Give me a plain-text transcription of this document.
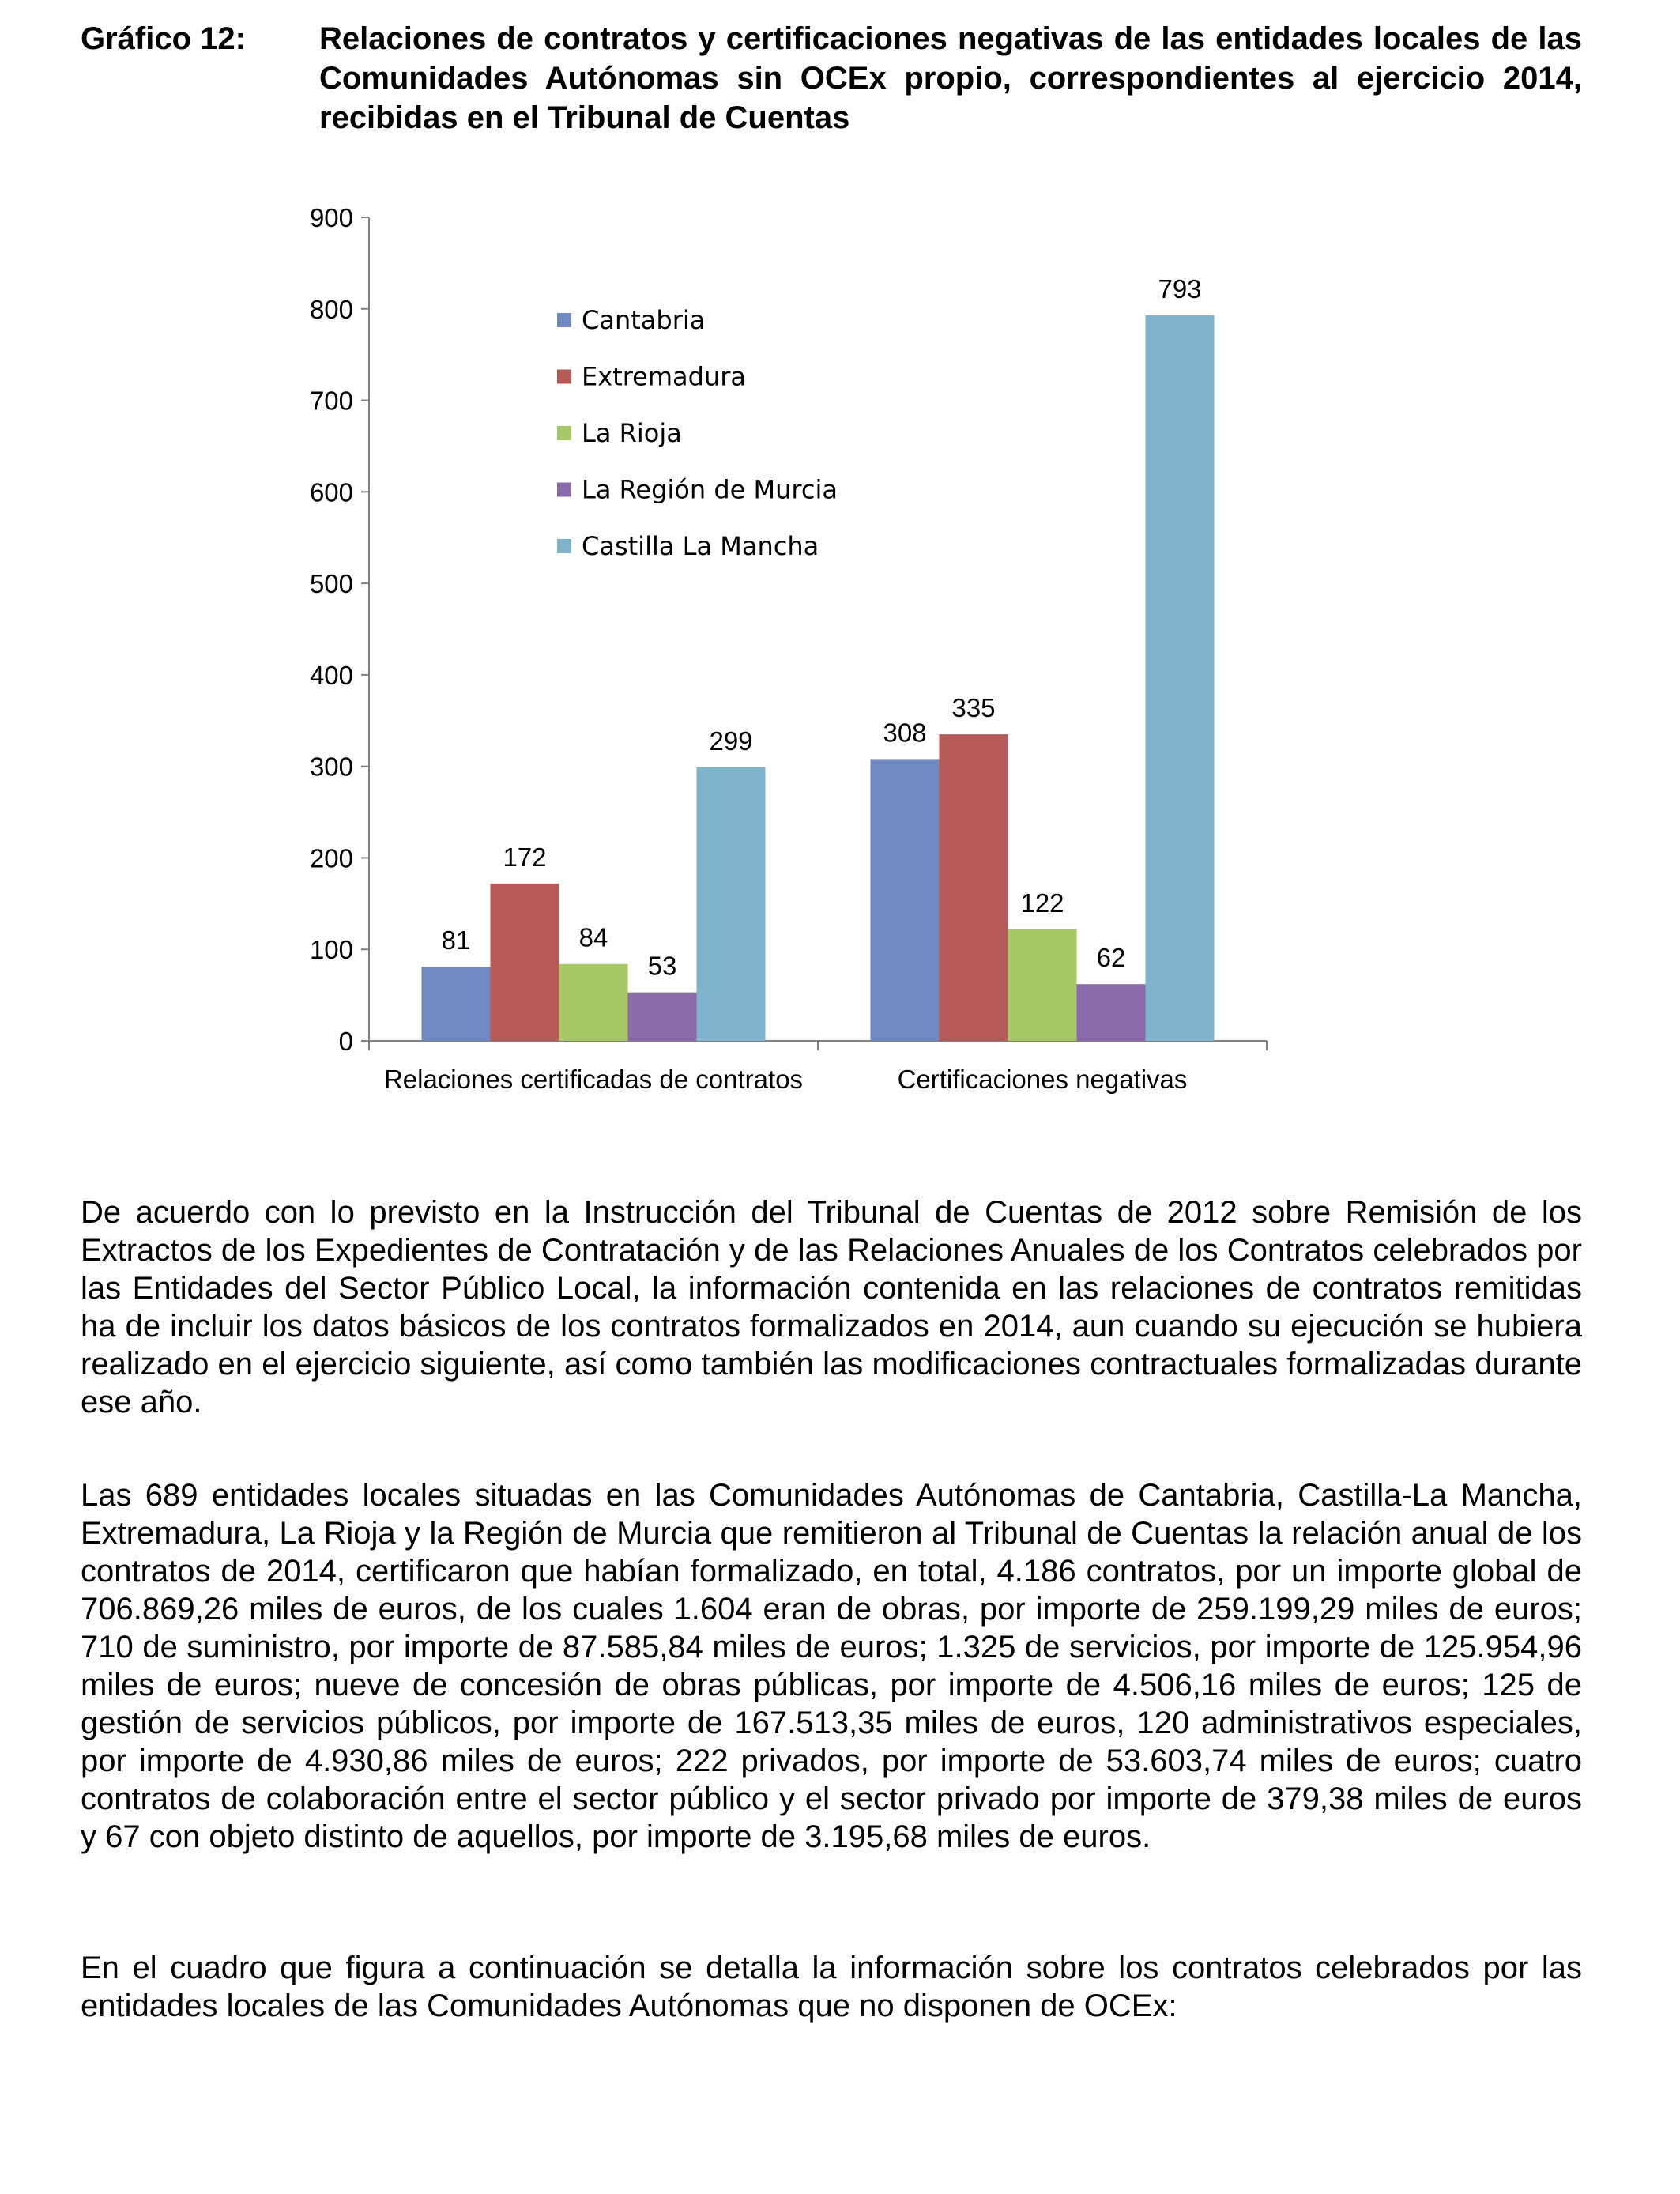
Gráfico 12:	Relaciones de contratos y certificaciones negativas de las entidades locales de las Comunidades Autónomas sin OCEx propio, correspondientes al ejercicio 2014, recibidas en el Tribunal de Cuentas
0
100
200
300
400
500
600
700
800
900
81
172
84
53
299
Relaciones certificadas de contratos
308
335
122
62
793
Certificaciones negativas
Cantabria
Extremadura
La Rioja
La Región de Murcia
Castilla La Mancha

De acuerdo con lo previsto en la Instrucción del Tribunal de Cuentas de 2012 sobre Remisión de los Extractos de los Expedientes de Contratación y de las Relaciones Anuales de los Contratos celebrados por las Entidades del Sector Público Local, la información contenida en las relaciones de contratos remitidas ha de incluir los datos básicos de los contratos formalizados en 2014, aun cuando su ejecución se hubiera realizado en el ejercicio siguiente, así como también las modificaciones contractuales formalizadas durante ese año.

Las 689 entidades locales situadas en las Comunidades Autónomas de Cantabria, Castilla-La Mancha, Extremadura, La Rioja y la Región de Murcia que remitieron al Tribunal de Cuentas la relación anual de los contratos de 2014, certificaron que habían formalizado, en total, 4.186 contratos, por un importe global de 706.869,26 miles de euros, de los cuales 1.604 eran de obras, por importe de 259.199,29 miles de euros; 710 de suministro, por importe de 87.585,84 miles de euros; 1.325 de servicios, por importe de 125.954,96 miles de euros; nueve de concesión de obras públicas, por importe de 4.506,16 miles de euros; 125 de gestión de servicios públicos, por importe de 167.513,35 miles de euros, 120 administrativos especiales, por importe de 4.930,86 miles de euros; 222 privados, por importe de 53.603,74 miles de euros; cuatro contratos de colaboración entre el sector público y el sector privado por importe de 379,38 miles de euros y 67 con objeto distinto de aquellos, por importe de 3.195,68 miles de euros.

En el cuadro que figura a continuación se detalla la información sobre los contratos celebrados por las entidades locales de las Comunidades Autónomas que no disponen de OCEx:
